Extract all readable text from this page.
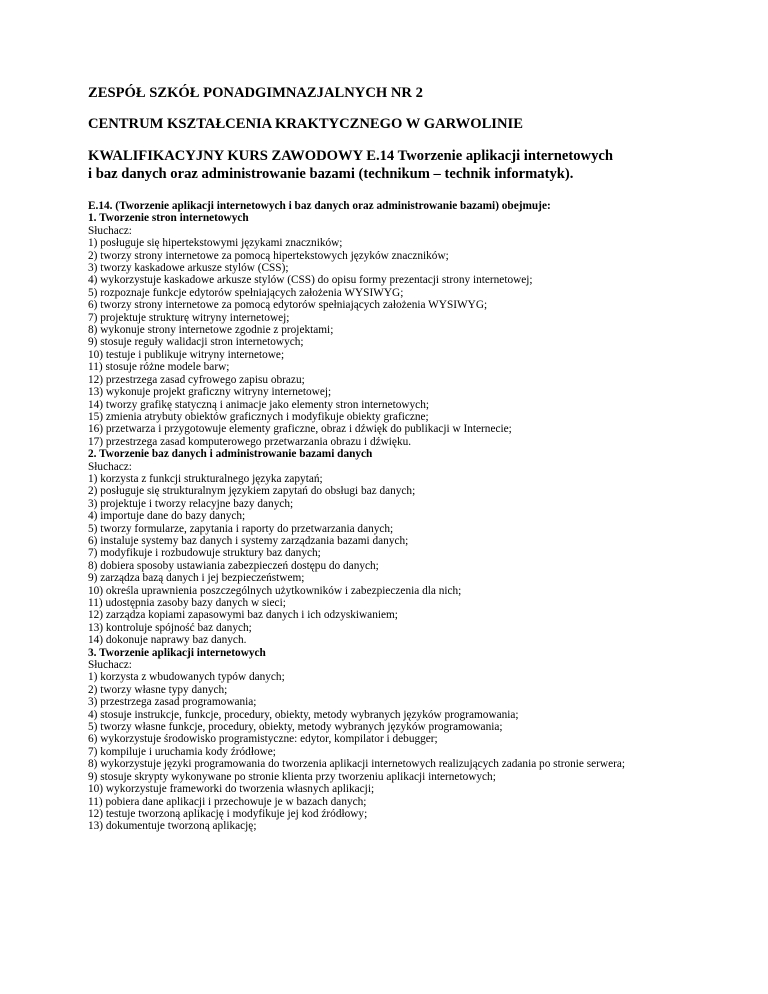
ZESPÓŁ SZKÓŁ PONADGIMNAZJALNYCH NR 2
CENTRUM KSZTAŁCENIA KRAKTYCZNEGO W GARWOLINIE
KWALIFIKACYJNY KURS ZAWODOWY E.14 Tworzenie aplikacji internetowych
i baz danych oraz administrowanie bazami (technikum – technik informatyk).
E.14. (Tworzenie aplikacji internetowych i baz danych oraz administrowanie bazami) obejmuje:
1. Tworzenie stron internetowych
Słuchacz:
1) posługuje się hipertekstowymi językami znaczników;
2) tworzy strony internetowe za pomocą hipertekstowych języków znaczników;
3) tworzy kaskadowe arkusze stylów (CSS);
4) wykorzystuje kaskadowe arkusze stylów (CSS) do opisu formy prezentacji strony internetowej;
5) rozpoznaje funkcje edytorów spełniających założenia WYSIWYG;
6) tworzy strony internetowe za pomocą edytorów spełniających założenia WYSIWYG;
7) projektuje strukturę witryny internetowej;
8) wykonuje strony internetowe zgodnie z projektami;
9) stosuje reguły walidacji stron internetowych;
10) testuje i publikuje witryny internetowe;
11) stosuje różne modele barw;
12) przestrzega zasad cyfrowego zapisu obrazu;
13) wykonuje projekt graficzny witryny internetowej;
14) tworzy grafikę statyczną i animacje jako elementy stron internetowych;
15) zmienia atrybuty obiektów graficznych i modyfikuje obiekty graficzne;
16) przetwarza i przygotowuje elementy graficzne, obraz i dźwięk do publikacji w Internecie;
17) przestrzega zasad komputerowego przetwarzania obrazu i dźwięku.
2. Tworzenie baz danych i administrowanie bazami danych
Słuchacz:
1) korzysta z funkcji strukturalnego języka zapytań;
2) posługuje się strukturalnym językiem zapytań do obsługi baz danych;
3) projektuje i tworzy relacyjne bazy danych;
4) importuje dane do bazy danych;
5) tworzy formularze, zapytania i raporty do przetwarzania danych;
6) instaluje systemy baz danych i systemy zarządzania bazami danych;
7) modyfikuje i rozbudowuje struktury baz danych;
8) dobiera sposoby ustawiania zabezpieczeń dostępu do danych;
9) zarządza bazą danych i jej bezpieczeństwem;
10) określa uprawnienia poszczególnych użytkowników i zabezpieczenia dla nich;
11) udostępnia zasoby bazy danych w sieci;
12) zarządza kopiami zapasowymi baz danych i ich odzyskiwaniem;
13) kontroluje spójność baz danych;
14) dokonuje naprawy baz danych.
3. Tworzenie aplikacji internetowych
Słuchacz:
1) korzysta z wbudowanych typów danych;
2) tworzy własne typy danych;
3) przestrzega zasad programowania;
4) stosuje instrukcje, funkcje, procedury, obiekty, metody wybranych języków programowania;
5) tworzy własne funkcje, procedury, obiekty, metody wybranych języków programowania;
6) wykorzystuje środowisko programistyczne: edytor, kompilator i debugger;
7) kompiluje i uruchamia kody źródłowe;
8) wykorzystuje języki programowania do tworzenia aplikacji internetowych realizujących zadania po stronie serwera;
9) stosuje skrypty wykonywane po stronie klienta przy tworzeniu aplikacji internetowych;
10) wykorzystuje frameworki do tworzenia własnych aplikacji;
11) pobiera dane aplikacji i przechowuje je w bazach danych;
12) testuje tworzoną aplikację i modyfikuje jej kod źródłowy;
13) dokumentuje tworzoną aplikację;
